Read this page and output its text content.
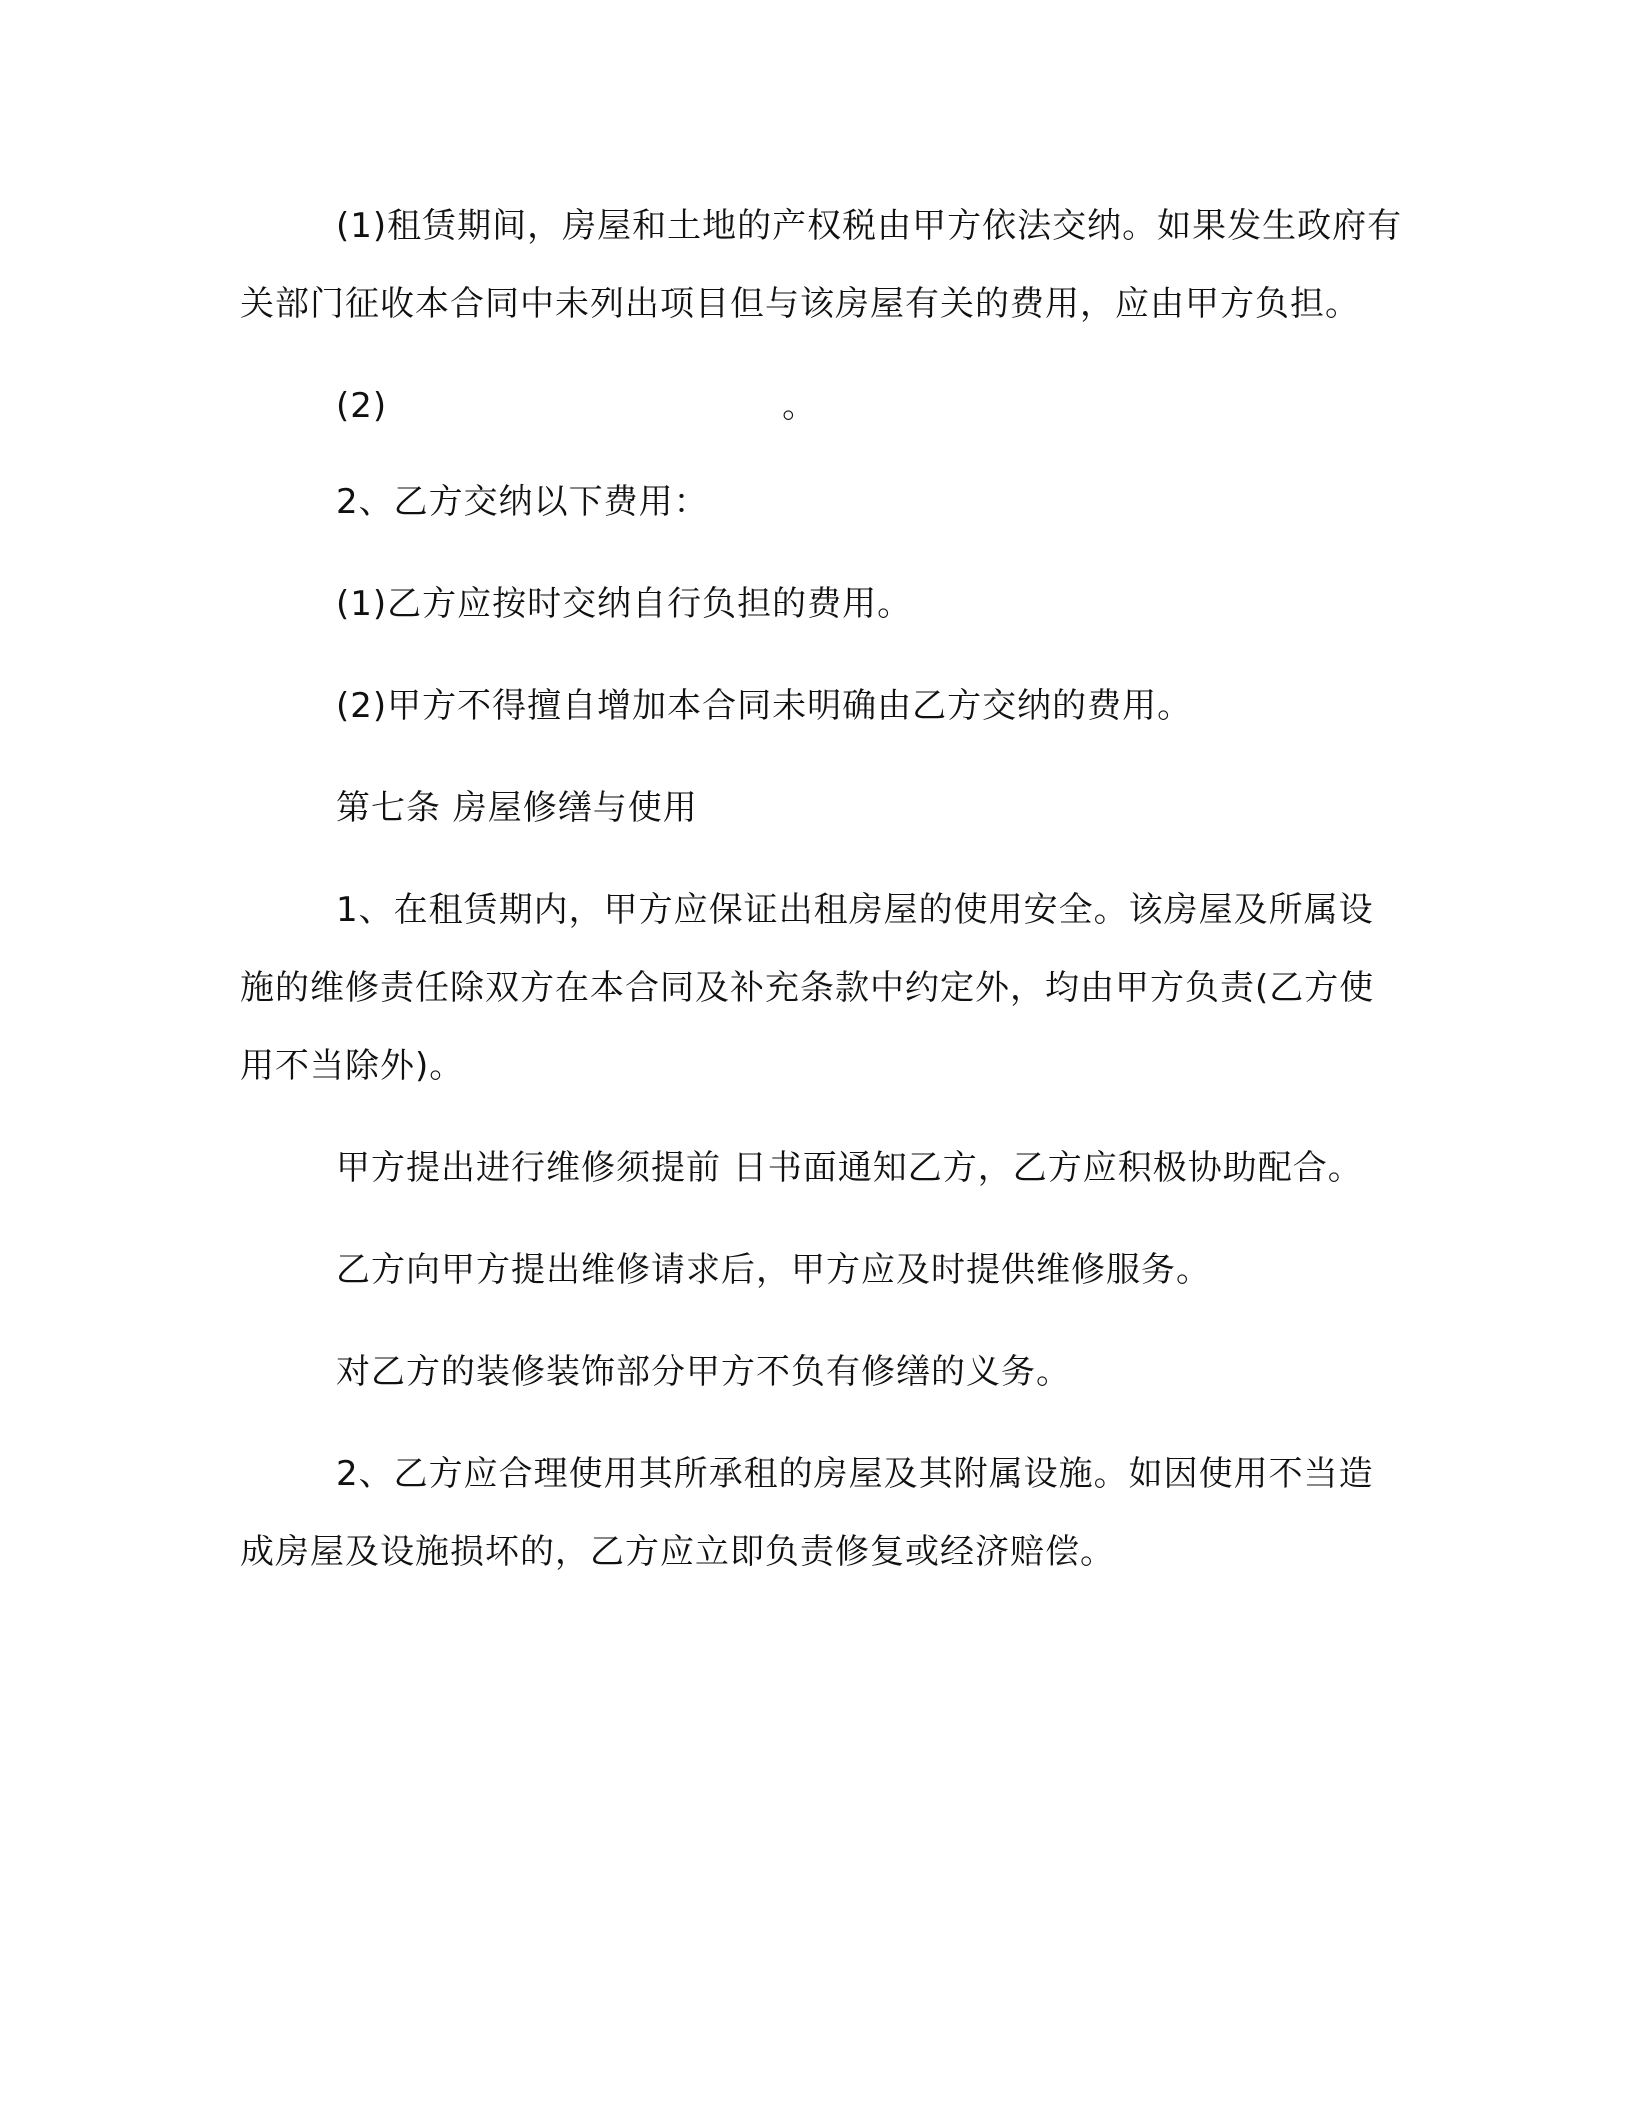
(1)租赁期间，房屋和土地的产权税由甲方依法交纳。如果发生政府有关部门征收本合同中未列出项目但与该房屋有关的费用，应由甲方负担。

(2)	。

2、乙方交纳以下费用：

(1)乙方应按时交纳自行负担的费用。

(2)甲方不得擅自增加本合同未明确由乙方交纳的费用。

第七条 房屋修缮与使用

1、在租赁期内，甲方应保证出租房屋的使用安全。该房屋及所属设施的维修责任除双方在本合同及补充条款中约定外，均由甲方负责(乙方使用不当除外)。

甲方提出进行维修须提前 日书面通知乙方，乙方应积极协助配合。

乙方向甲方提出维修请求后，甲方应及时提供维修服务。

对乙方的装修装饰部分甲方不负有修缮的义务。

2、乙方应合理使用其所承租的房屋及其附属设施。如因使用不当造成房屋及设施损坏的，乙方应立即负责修复或经济赔偿。
